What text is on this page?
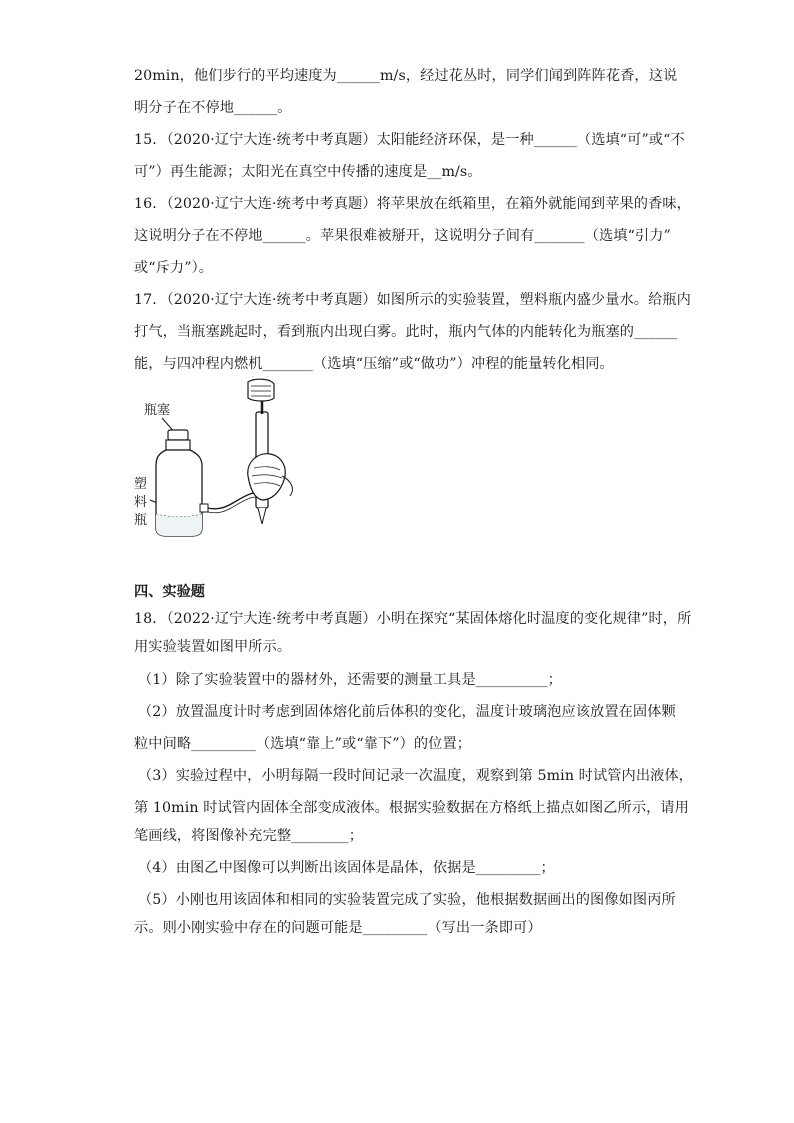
20min，他们步行的平均速度为______m/s，经过花丛时，同学们闻到阵阵花香，这说
明分子在不停地______。
15．（2020·辽宁大连·统考中考真题）太阳能经济环保，是一种______（选填“可”或“不
可”）再生能源；太阳光在真空中传播的速度是__m/s。
16．（2020·辽宁大连·统考中考真题）将苹果放在纸箱里，在箱外就能闻到苹果的香味，
这说明分子在不停地______。苹果很难被掰开，这说明分子间有_______（选填“引力”
或“斥力”）。
17．（2020·辽宁大连·统考中考真题）如图所示的实验装置，塑料瓶内盛少量水。给瓶内
打气，当瓶塞跳起时，看到瓶内出现白雾。此时，瓶内气体的内能转化为瓶塞的______
能，与四冲程内燃机_______（选填“压缩”或“做功”）冲程的能量转化相同。
瓶塞
塑
料
瓶
四、实验题
18．（2022·辽宁大连·统考中考真题）小明在探究“某固体熔化时温度的变化规律”时，所
用实验装置如图甲所示。
（1）除了实验装置中的器材外，还需要的测量工具是__________；
（2）放置温度计时考虑到固体熔化前后体积的变化，温度计玻璃泡应该放置在固体颗
粒中间略_________（选填“靠上”或“靠下”）的位置；
（3）实验过程中，小明每隔一段时间记录一次温度，观察到第 5min 时试管内出液体，
第 10min 时试管内固体全部变成液体。根据实验数据在方格纸上描点如图乙所示，请用
笔画线，将图像补充完整________；
（4）由图乙中图像可以判断出该固体是晶体，依据是_________；
（5）小刚也用该固体和相同的实验装置完成了实验，他根据数据画出的图像如图丙所
示。则小刚实验中存在的问题可能是_________（写出一条即可）
